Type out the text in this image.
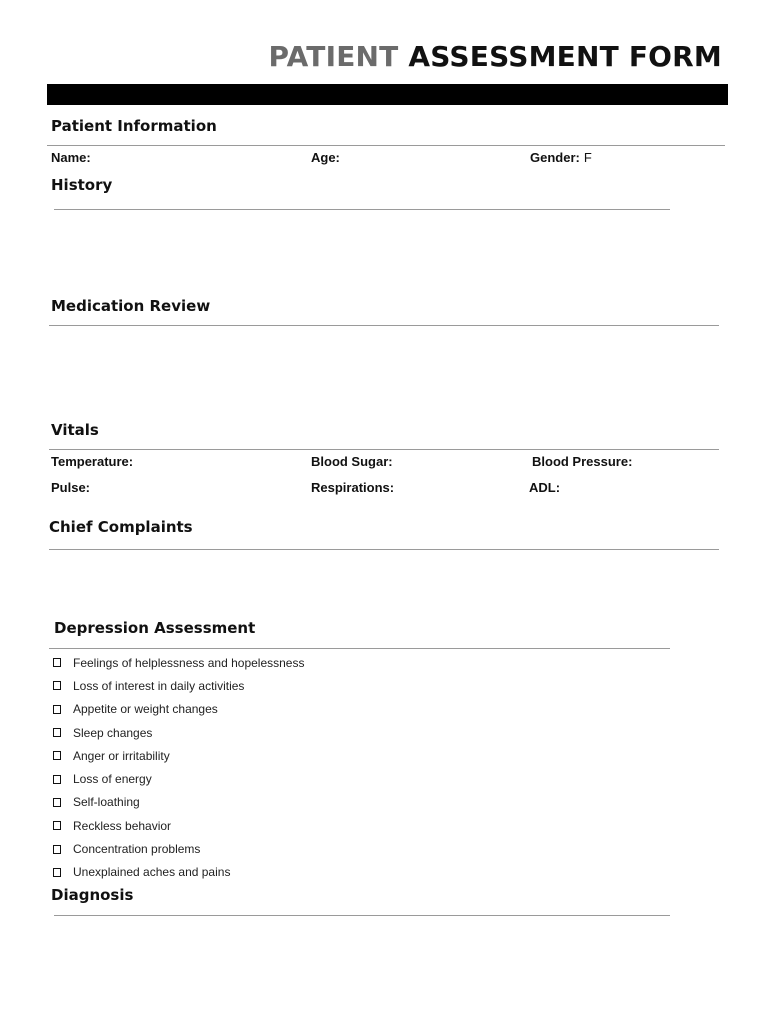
PATIENT ASSESSMENT FORM
Patient Information
Name:	Age:	Gender: F
History
Medication Review
Vitals
Temperature:	Blood Sugar:	Blood Pressure:
Pulse:	Respirations:	ADL:
Chief Complaints
Depression Assessment
Feelings of helplessness and hopelessness
Loss of interest in daily activities
Appetite or weight changes
Sleep changes
Anger or irritability
Loss of energy
Self-loathing
Reckless behavior
Concentration problems
Unexplained aches and pains
Diagnosis
